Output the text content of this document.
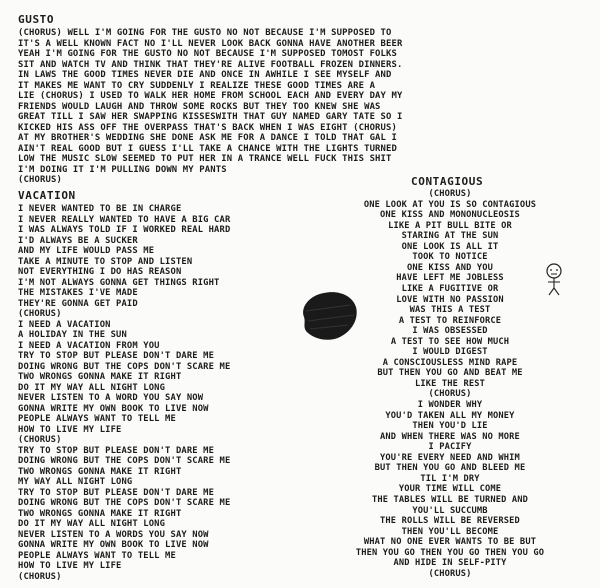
GUSTO
(CHORUS) WELL I'M GOING FOR THE GUSTO NO NOT BECAUSE I'M SUPPOSED TO
IT'S A WELL KNOWN FACT NO I'LL NEVER LOOK BACK GONNA HAVE ANOTHER BEER
YEAH I'M GOING FOR THE GUSTO NO NOT BECAUSE I'M SUPPOSED TOMOST FOLKS
SIT AND WATCH TV AND THINK THAT THEY'RE ALIVE FOOTBALL FROZEN DINNERS.
IN LAWS THE GOOD TIMES NEVER DIE AND ONCE IN AWHILE I SEE MYSELF AND
IT MAKES ME WANT TO CRY SUDDENLY I REALIZE THESE GOOD TIMES ARE A
LIE (CHORUS) I USED TO WALK HER HOME FROM SCHOOL EACH AND EVERY DAY MY
FRIENDS WOULD LAUGH AND THROW SOME ROCKS BUT THEY TOO KNEW SHE WAS
GREAT TILL I SAW HER SWAPPING KISSESWITH THAT GUY NAMED GARY TATE SO I
KICKED HIS ASS OFF THE OVERPASS THAT'S BACK WHEN I WAS EIGHT (CHORUS)
AT MY BROTHER'S WEDDING SHE DONE ASK ME FOR A DANCE I TOLD THAT GAL I
AIN'T REAL GOOD BUT I GUESS I'LL TAKE A CHANCE WITH THE LIGHTS TURNED
LOW THE MUSIC SLOW SEEMED TO PUT HER IN A TRANCE WELL FUCK THIS SHIT
I'M DOING IT I'M PULLING DOWN MY PANTS
(CHORUS)
VACATION
I NEVER WANTED TO BE IN CHARGE
I NEVER REALLY WANTED TO HAVE A BIG CAR
I WAS ALWAYS TOLD IF I WORKED REAL HARD
I'D ALWAYS BE A SUCKER
AND MY LIFE WOULD PASS ME
TAKE A MINUTE TO STOP AND LISTEN
NOT EVERYTHING I DO HAS REASON
I'M NOT ALWAYS GONNA GET THINGS RIGHT
THE MISTAKES I'VE MADE
THEY'RE GONNA GET PAID
(CHORUS)
I NEED A VACATION
A HOLIDAY IN THE SUN
I NEED A VACATION FROM YOU
TRY TO STOP BUT PLEASE DON'T DARE ME
DOING WRONG BUT THE COPS DON'T SCARE ME
TWO WRONGS GONNA MAKE IT RIGHT
DO IT MY WAY ALL NIGHT LONG
NEVER LISTEN TO A WORD YOU SAY NOW
GONNA WRITE MY OWN BOOK TO LIVE NOW
PEOPLE ALWAYS WANT TO TELL ME
HOW TO LIVE MY LIFE
(CHORUS)
TRY TO STOP BUT PLEASE DON'T DARE ME
DOING WRONG BUT THE COPS DON'T SCARE ME
TWO WRONGS GONNA MAKE IT RIGHT
MY WAY ALL NIGHT LONG
TRY TO STOP BUT PLEASE DON'T DARE ME
DOING WRONG BUT THE COPS DON'T SCARE ME
TWO WRONGS GONNA MAKE IT RIGHT
DO IT MY WAY ALL NIGHT LONG
NEVER LISTEN TO A WORDS YOU SAY NOW
GONNA WRITE MY OWN BOOK TO LIVE NOW
PEOPLE ALWAYS WANT TO TELL ME
HOW TO LIVE MY LIFE
(CHORUS)
CONTAGIOUS
(CHORUS)
ONE LOOK AT YOU IS SO CONTAGIOUS
ONE KISS AND MONONUCLEOSIS
LIKE A PIT BULL BITE OR
STARING AT THE SUN
ONE LOOK IS ALL IT
TOOK TO NOTICE
ONE KISS AND YOU
HAVE LEFT ME JOBLESS
LIKE A FUGITIVE OR
LOVE WITH NO PASSION
WAS THIS A TEST
A TEST TO REINFORCE
I WAS OBSESSED
A TEST TO SEE HOW MUCH
I WOULD DIGEST
A CONSCIOUSLESS MIND RAPE
BUT THEN YOU GO AND BEAT ME
LIKE THE REST
(CHORUS)
I WONDER WHY
YOU'D TAKEN ALL MY MONEY
THEN YOU'D LIE
AND WHEN THERE WAS NO MORE
I PACIFY
YOU'RE EVERY NEED AND WHIM
BUT THEN YOU GO AND BLEED ME
TIL I'M DRY
YOUR TIME WILL COME
THE TABLES WILL BE TURNED AND
YOU'LL SUCCUMB
THE ROLLS WILL BE REVERSED
THEN YOU'LL BECOME
WHAT NO ONE EVER WANTS TO BE BUT
THEN YOU GO THEN YOU GO THEN YOU GO
AND HIDE IN SELF-PITY
(CHORUS)
